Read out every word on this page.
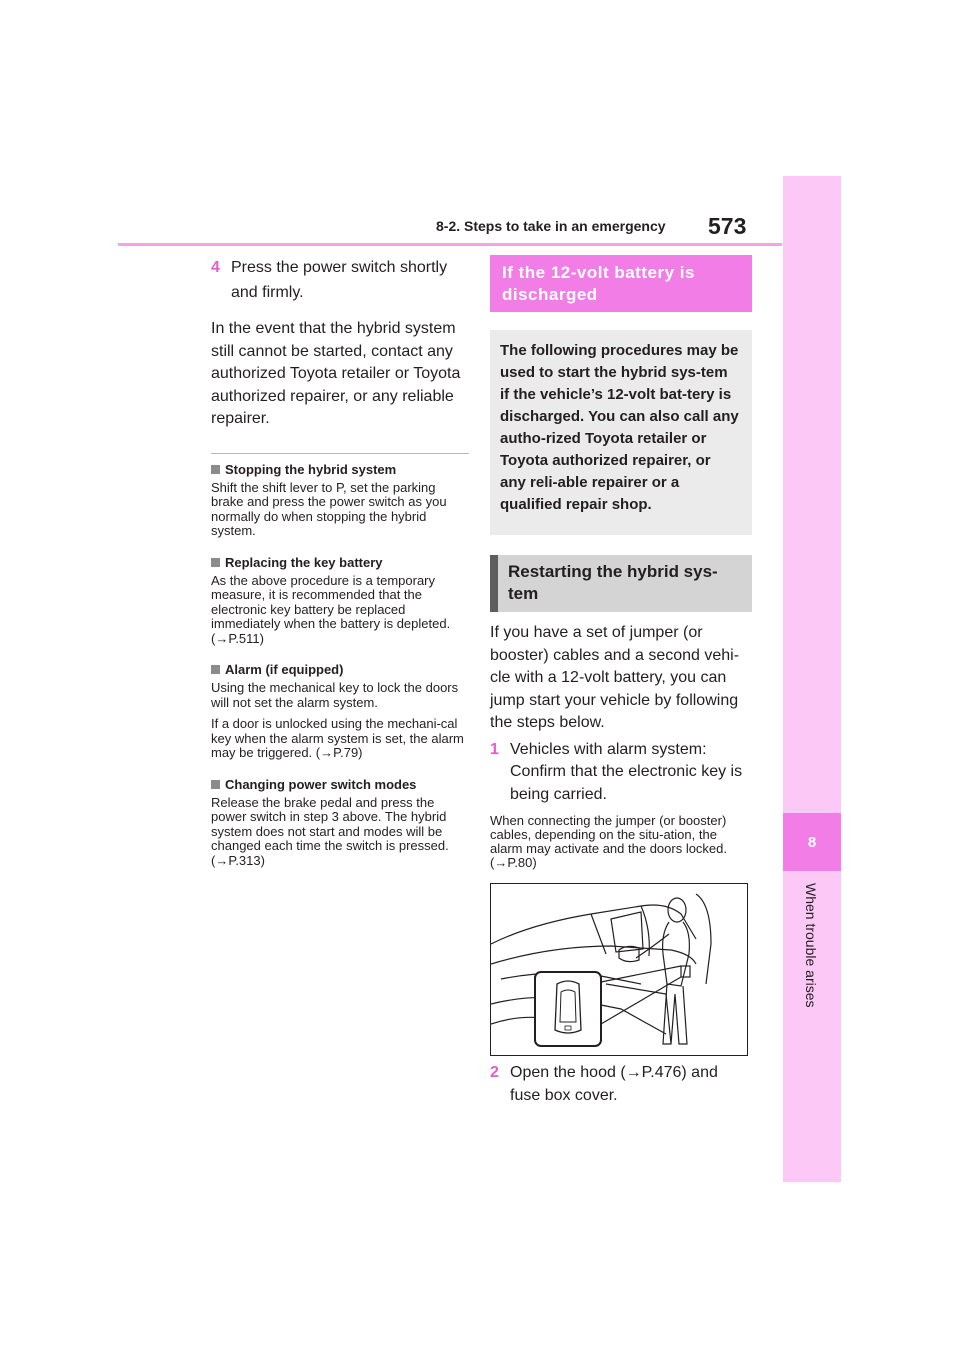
8
When trouble arises
8-2. Steps to take in an emergency 573
4 Press the power switch shortly and firmly.
In the event that the hybrid system still cannot be started, contact any authorized Toyota retailer or Toyota authorized repairer, or any reliable repairer.
Stopping the hybrid system
Shift the shift lever to P, set the parking brake and press the power switch as you normally do when stopping the hybrid system.
Replacing the key battery
As the above procedure is a temporary measure, it is recommended that the electronic key battery be replaced immediately when the battery is depleted. (→P.511)
Alarm (if equipped)
Using the mechanical key to lock the doors will not set the alarm system.
If a door is unlocked using the mechani-cal key when the alarm system is set, the alarm may be triggered. (→P.79)
Changing power switch modes
Release the brake pedal and press the power switch in step 3 above. The hybrid system does not start and modes will be changed each time the switch is pressed. (→P.313)
If the 12-volt battery is discharged
The following procedures may be used to start the hybrid sys-tem if the vehicle’s 12-volt bat-tery is discharged. You can also call any autho-rized Toyota retailer or Toyota authorized repairer, or any reli-able repairer or a qualified repair shop.
Restarting the hybrid sys-tem
If you have a set of jumper (or booster) cables and a second vehi-cle with a 12-volt battery, you can jump start your vehicle by following the steps below.
1 Vehicles with alarm system: Confirm that the electronic key is being carried.
When connecting the jumper (or booster) cables, depending on the situ-ation, the alarm may activate and the doors locked. (→P.80)
2 Open the hood (→P.476) and fuse box cover.
